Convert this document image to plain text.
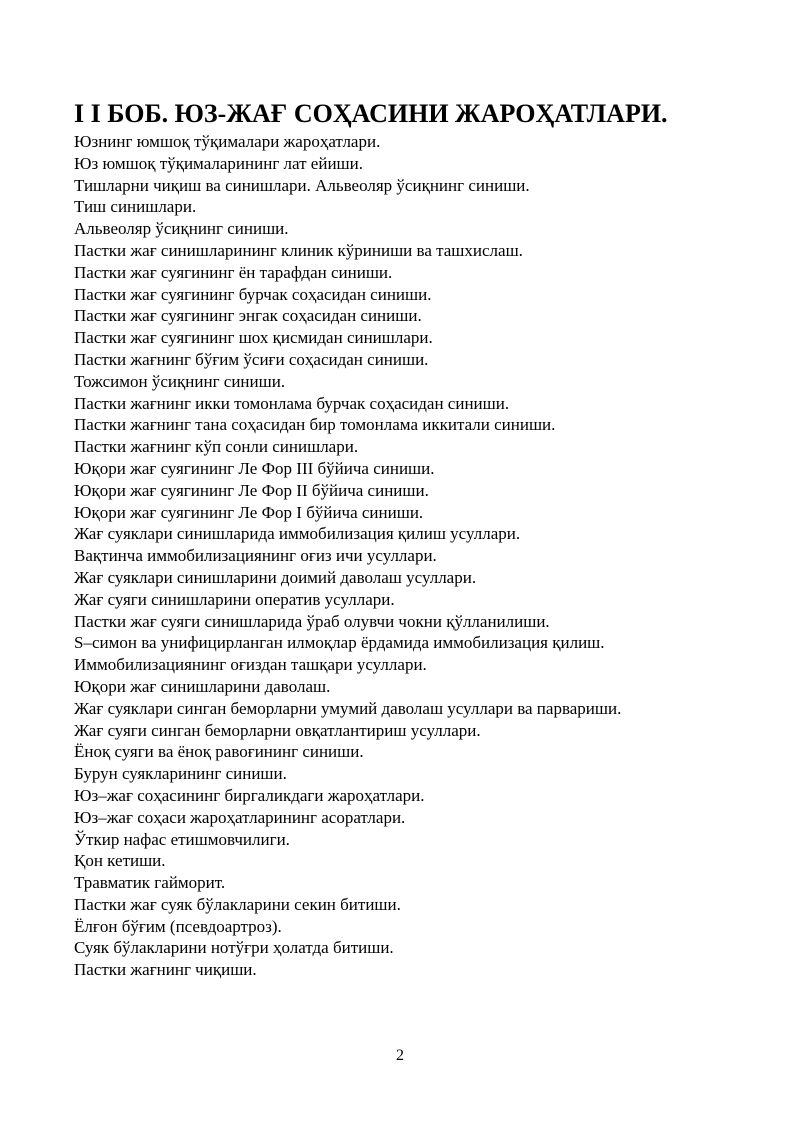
I I БОБ. ЮЗ-ЖАҒ СОҲАСИНИ ЖАРОҲАТЛАРИ.
Юзнинг юмшоқ тўқималари жароҳатлари.
Юз юмшоқ тўқималарининг лат ейиши.
Тишларни чиқиш ва синишлари. Альвеоляр ўсиқнинг синиши.
Тиш синишлари.
Альвеоляр ўсиқнинг синиши.
Пастки жағ синишларининг клиник кўриниши ва ташхислаш.
Пастки жағ суягининг ён тарафдан синиши.
Пастки жағ суягининг бурчак соҳасидан синиши.
Пастки жағ суягининг энгак соҳасидан синиши.
Пастки жағ суягининг шох қисмидан синишлари.
Пастки жағнинг бўғим ўсиғи соҳасидан синиши.
Тожсимон ўсиқнинг синиши.
Пастки жағнинг икки томонлама бурчак соҳасидан синиши.
Пастки жағнинг тана соҳасидан бир томонлама иккитали синиши.
Пастки жағнинг кўп сонли синишлари.
Юқори жағ суягининг Ле Фор III бўйича синиши.
Юқори жағ суягининг Ле Фор II бўйича синиши.
Юқори жағ суягининг Ле Фор I бўйича синиши.
Жағ суяклари синишларида иммобилизация қилиш усуллари.
Вақтинча иммобилизациянинг оғиз ичи усуллари.
Жағ суяклари синишларини доимий даволаш усуллари.
Жағ суяги синишларини оператив усуллари.
Пастки жағ суяги синишларида ўраб олувчи чокни қўлланилиши.
S–симон ва унифицирланган илмоқлар ёрдамида иммобилизация қилиш.
Иммобилизациянинг оғиздан ташқари усуллари.
Юқори жағ синишларини даволаш.
Жағ суяклари синган беморларни умумий даволаш усуллари ва парвариши.
Жағ суяги синган беморларни овқатлантириш усуллари.
Ёноқ суяги ва ёноқ равоғининг синиши.
Бурун суякларининг синиши.
Юз–жағ соҳасининг биргаликдаги жароҳатлари.
Юз–жағ соҳаси жароҳатларининг асоратлари.
Ўткир нафас етишмовчилиги.
Қон кетиши.
Травматик гайморит.
Пастки жағ суяк бўлакларини секин битиши.
Ёлғон бўғим (псевдоартроз).
Суяк бўлакларини нотўғри ҳолатда битиши.
Пастки жағнинг чиқиши.
2
